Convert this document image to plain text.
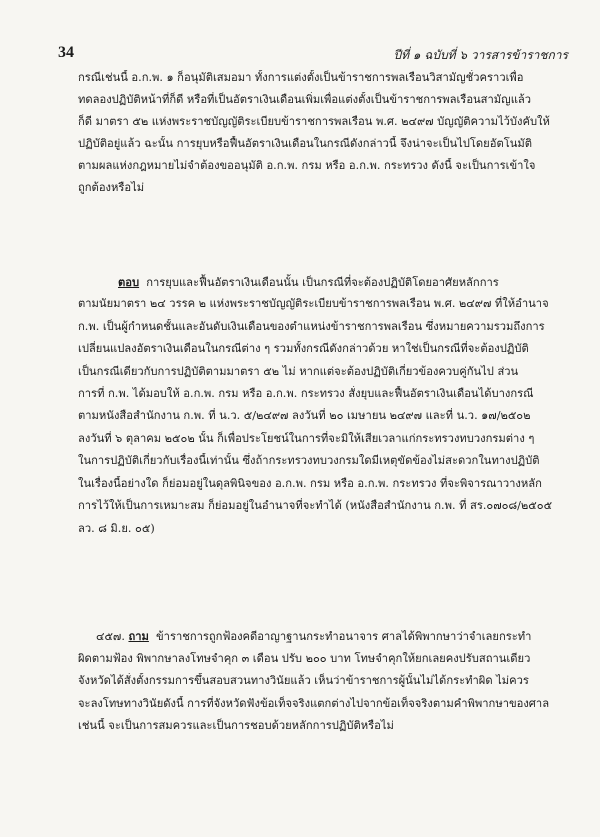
34	ปีที่ ๑ ฉบับที่ ๖ วารสารข้าราชการ
กรณีเช่นนี้ อ.ก.พ. ๑ ก็อนุมัติเสมอมา ทั้งการแต่งตั้งเป็นข้าราชการพลเรือนวิสามัญชั่วคราวเพื่อ
ทดลองปฏิบัติหน้าที่ก็ดี หรือที่เป็นอัตราเงินเดือนเพิ่มเพื่อแต่งตั้งเป็นข้าราชการพลเรือนสามัญแล้ว
ก็ดี มาตรา ๕๒ แห่งพระราชบัญญัติระเบียบข้าราชการพลเรือน พ.ศ. ๒๔๙๗ บัญญัติความไว้บังคับให้
ปฏิบัติอยู่แล้ว ฉะนั้น การยุบหรือฟื้นอัตราเงินเดือนในกรณีดังกล่าวนี้ จึงน่าจะเป็นไปโดยอัตโนมัติ
ตามผลแห่งกฎหมายไม่จำต้องขออนุมัติ อ.ก.พ. กรม หรือ อ.ก.พ. กระทรวง ดังนี้ จะเป็นการเข้าใจ
ถูกต้องหรือไม่
ตอบ การยุบและฟื้นอัตราเงินเดือนนั้น เป็นกรณีที่จะต้องปฏิบัติโดยอาศัยหลักการ
ตามนัยมาตรา ๒๔ วรรค ๒ แห่งพระราชบัญญัติระเบียบข้าราชการพลเรือน พ.ศ. ๒๔๙๗ ที่ให้อำนาจ
ก.พ. เป็นผู้กำหนดชั้นและอันดับเงินเดือนของตำแหน่งข้าราชการพลเรือน ซึ่งหมายความรวมถึงการ
เปลี่ยนแปลงอัตราเงินเดือนในกรณีต่าง ๆ รวมทั้งกรณีดังกล่าวด้วย หาใช่เป็นกรณีที่จะต้องปฏิบัติ
เป็นกรณีเดียวกับการปฏิบัติตามมาตรา ๕๒ ไม่ หากแต่จะต้องปฏิบัติเกี่ยวข้องควบคู่กันไป ส่วน
การที่ ก.พ. ได้มอบให้ อ.ก.พ. กรม หรือ อ.ก.พ. กระทรวง สั่งยุบและฟื้นอัตราเงินเดือนได้บางกรณี
ตามหนังสือสำนักงาน ก.พ. ที่ น.ว. ๕/๒๔๙๗ ลงวันที่ ๒๐ เมษายน ๒๔๙๗ และที่ น.ว. ๑๗/๒๕๐๒
ลงวันที่ ๖ ตุลาคม ๒๕๐๒ นั้น ก็เพื่อประโยชน์ในการที่จะมิให้เสียเวลาแก่กระทรวงทบวงกรมต่าง ๆ
ในการปฏิบัติเกี่ยวกับเรื่องนี้เท่านั้น ซึ่งถ้ากระทรวงทบวงกรมใดมีเหตุขัดข้องไม่สะดวกในทางปฏิบัติ
ในเรื่องนี้อย่างใด ก็ย่อมอยู่ในดุลพินิจของ อ.ก.พ. กรม หรือ อ.ก.พ. กระทรวง ที่จะพิจารณาวางหลัก
การไว้ให้เป็นการเหมาะสม ก็ย่อมอยู่ในอำนาจที่จะทำได้ (หนังสือสำนักงาน ก.พ. ที่ สร.๐๗๐๘/๒๕๐๕
ลว. ๘ มิ.ย. ๐๕)
๔๕๗. ถาม ข้าราชการถูกฟ้องคดีอาญาฐานกระทำอนาจาร ศาลได้พิพากษาว่าจำเลยกระทำ
ผิดตามฟ้อง พิพากษาลงโทษจำคุก ๓ เดือน ปรับ ๒๐๐ บาท โทษจำคุกให้ยกเลยคงปรับสถานเดียว
จังหวัดได้สั่งตั้งกรรมการขึ้นสอบสวนทางวินัยแล้ว เห็นว่าข้าราชการผู้นั้นไม่ได้กระทำผิด ไม่ควร
จะลงโทษทางวินัยดังนี้ การที่จังหวัดฟังข้อเท็จจริงแตกต่างไปจากข้อเท็จจริงตามคำพิพากษาของศาล
เช่นนี้ จะเป็นการสมควรและเป็นการชอบด้วยหลักการปฏิบัติหรือไม่
